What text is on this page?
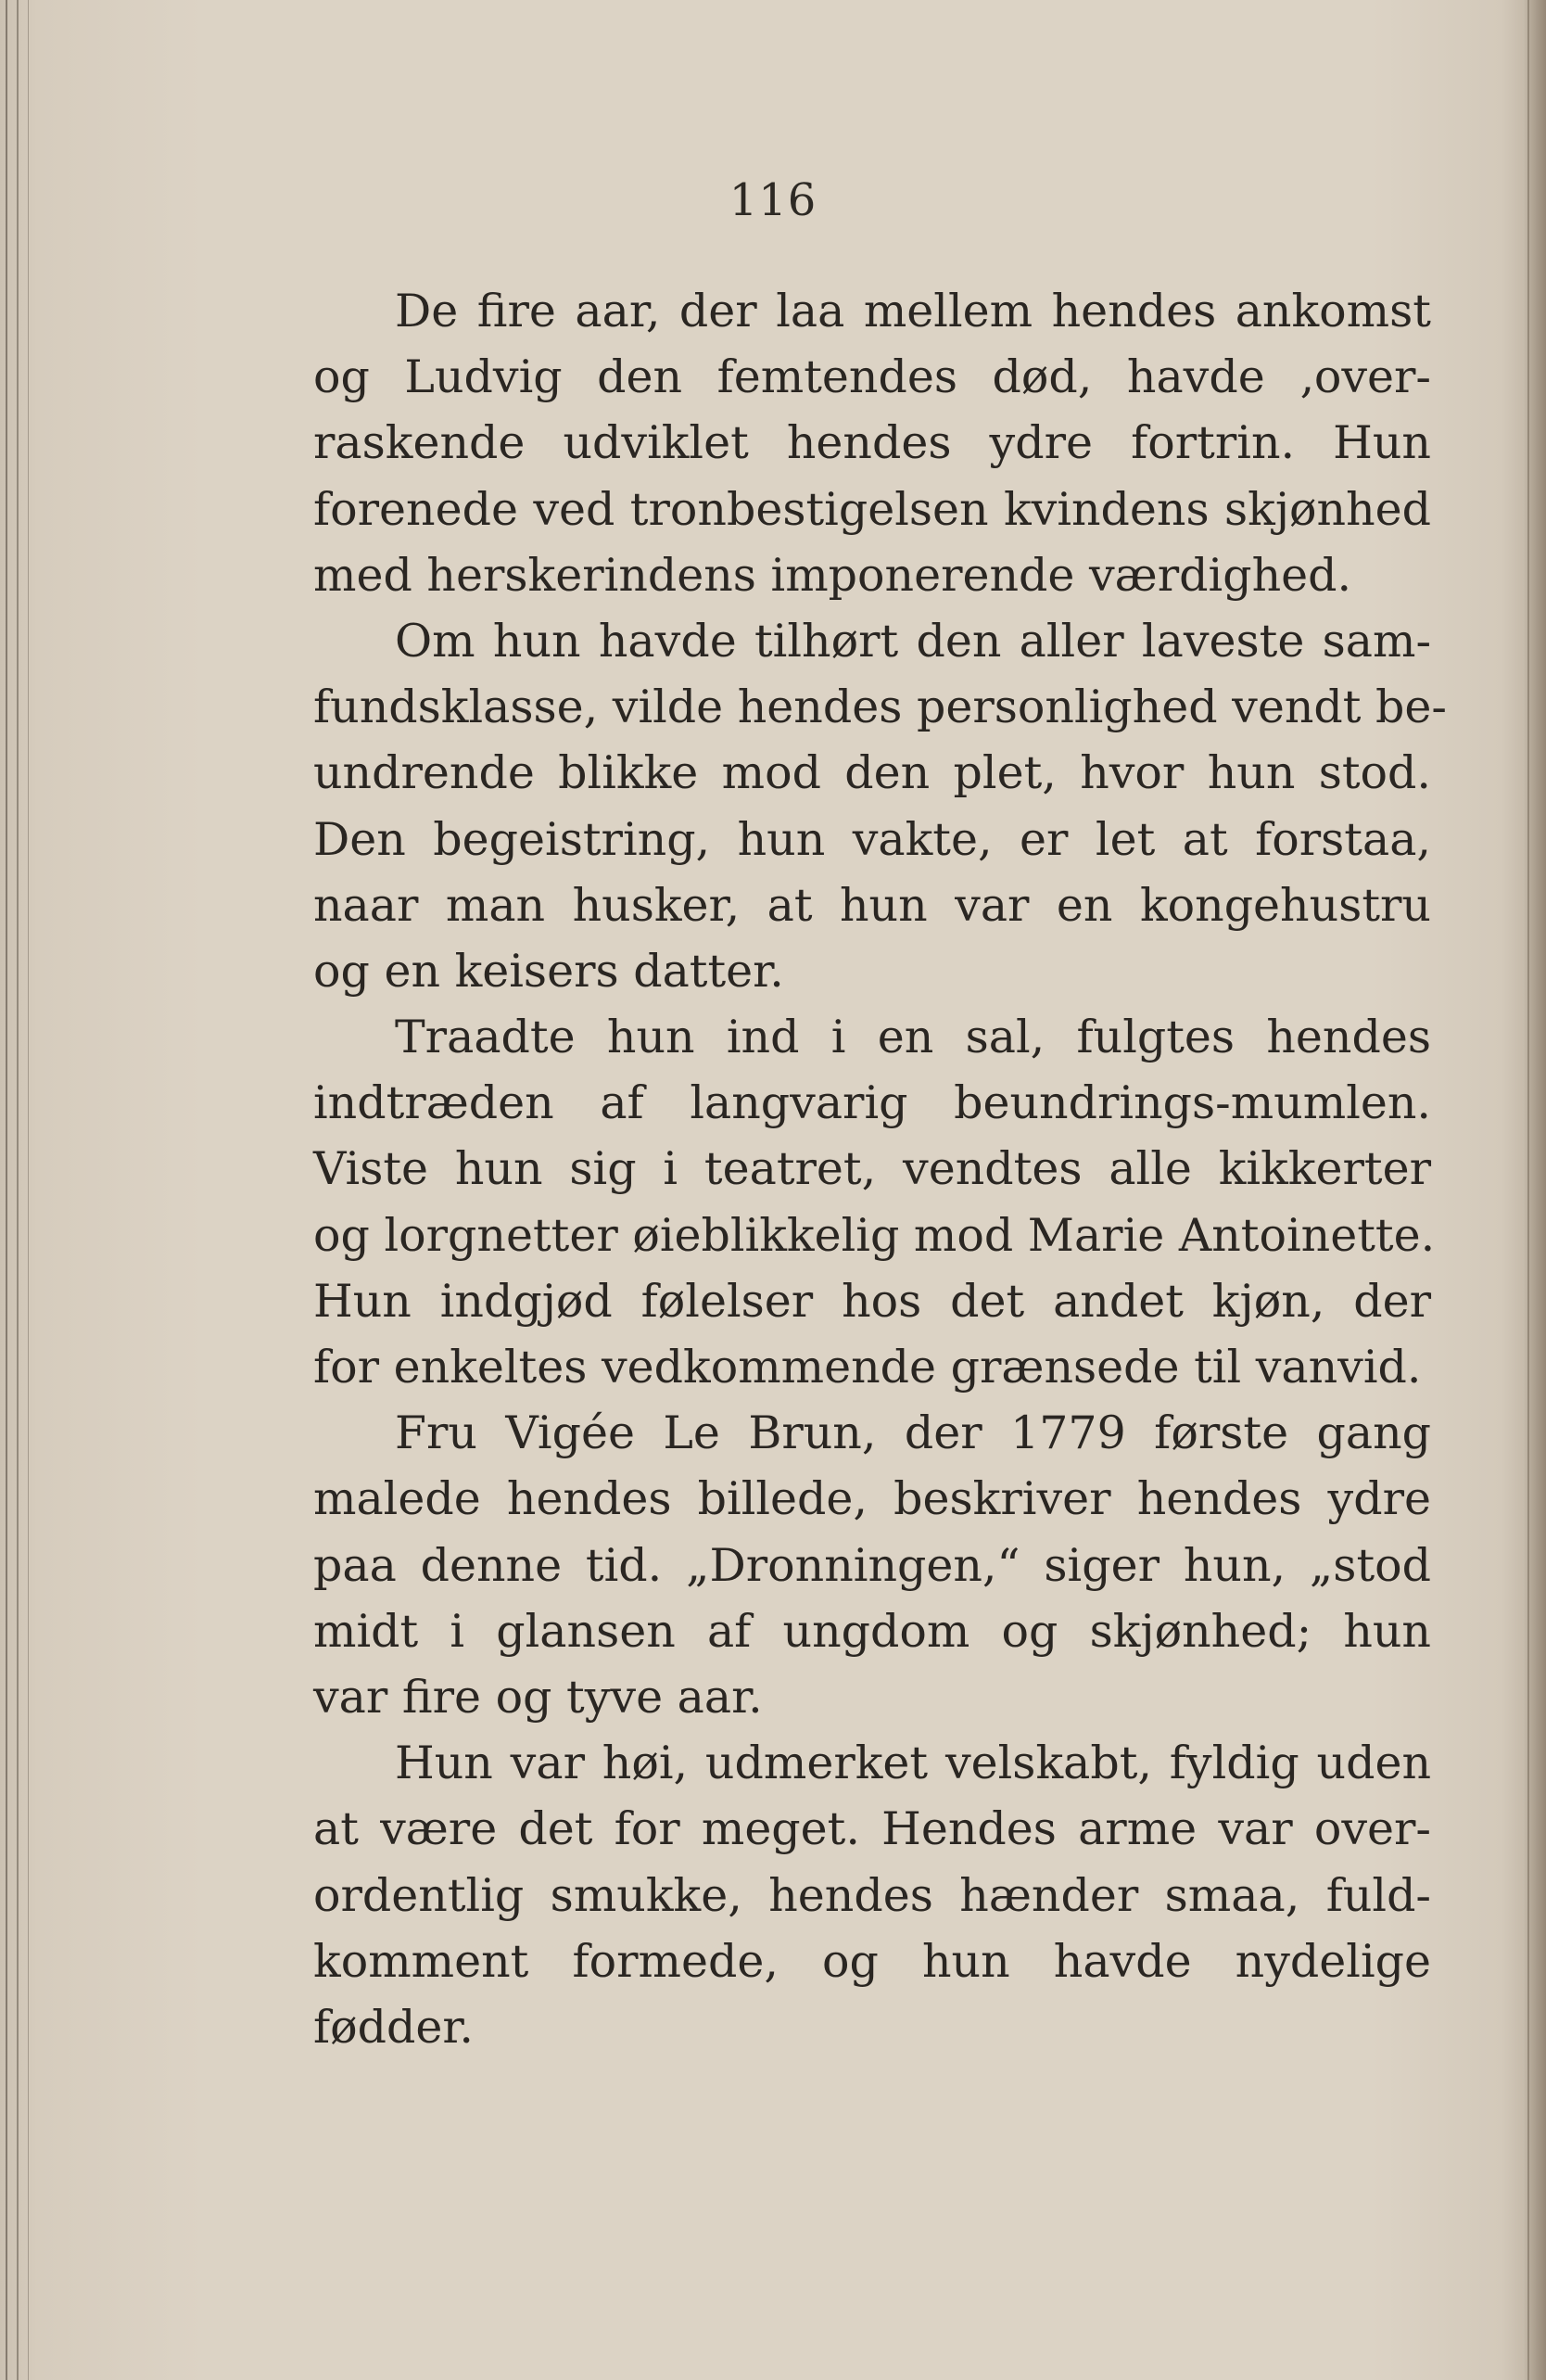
116
De fire aar, der laa mellem hendes ankomst
og Ludvig den femtendes død, havde ‚over-
raskende udviklet hendes ydre fortrin. Hun
forenede ved tronbestigelsen kvindens skjønhed
med herskerindens imponerende værdighed.
Om hun havde tilhørt den aller laveste sam-
fundsklasse, vilde hendes personlighed vendt be-
undrende blikke mod den plet, hvor hun stod.
Den begeistring, hun vakte, er let at forstaa,
naar man husker, at hun var en kongehustru
og en keisers datter.
Traadte hun ind i en sal, fulgtes hendes
indtræden af langvarig beundrings-mumlen.
Viste hun sig i teatret, vendtes alle kikkerter
og lorgnetter øieblikkelig mod Marie Antoinette.
Hun indgjød følelser hos det andet kjøn, der
for enkeltes vedkommende grænsede til vanvid.
Fru Vigée Le Brun, der 1779 første gang
malede hendes billede, beskriver hendes ydre
paa denne tid. „Dronningen,“ siger hun, „stod
midt i glansen af ungdom og skjønhed; hun
var fire og tyve aar.
Hun var høi, udmerket velskabt, fyldig uden
at være det for meget. Hendes arme var over-
ordentlig smukke, hendes hænder smaa, fuld-
komment formede, og hun havde nydelige
fødder.
